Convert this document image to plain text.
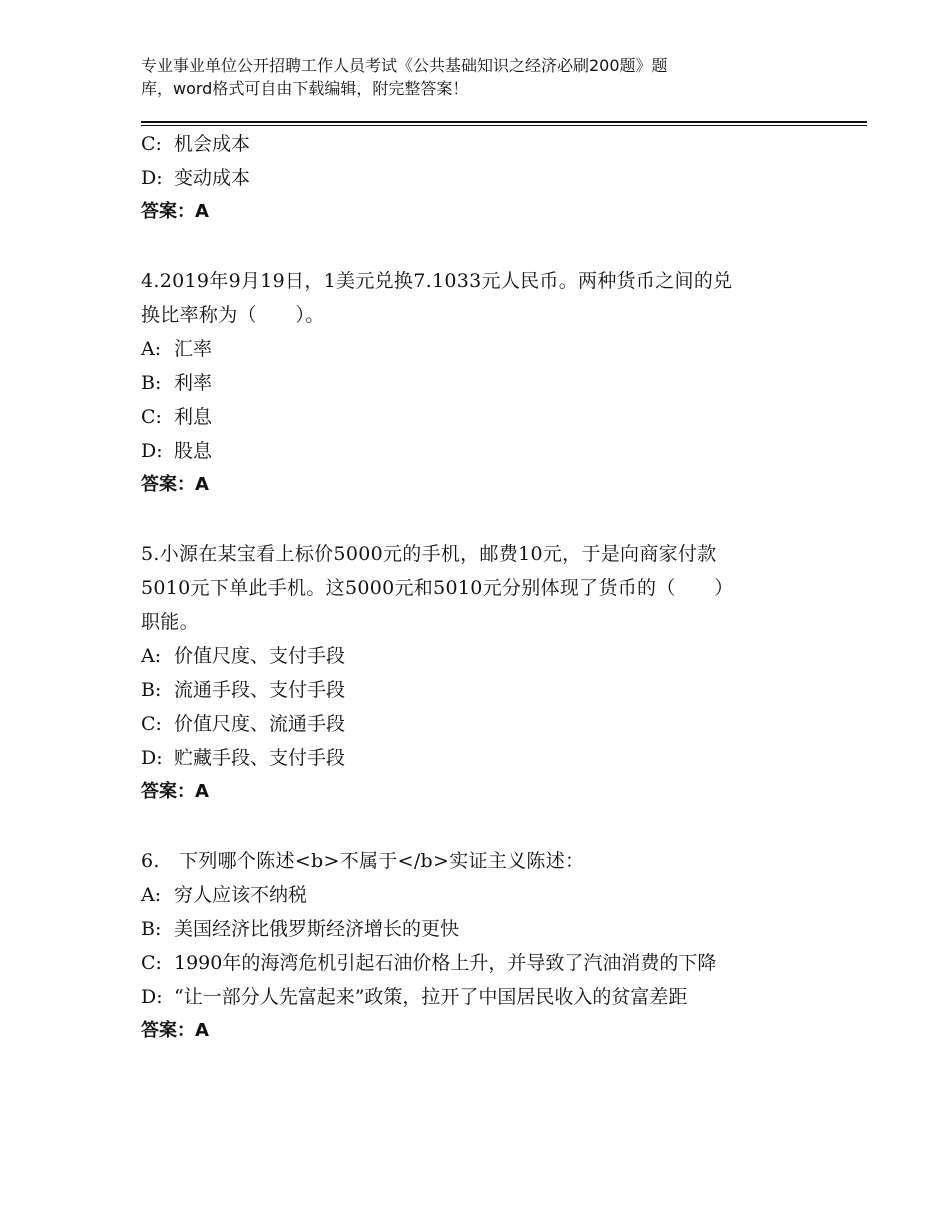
专业事业单位公开招聘工作人员考试《公共基础知识之经济必刷200题》题
库，word格式可自由下载编辑，附完整答案！
C: 机会成本
D: 变动成本
答案：A
4.2019年9月19日，1美元兑换7.1033元人民币。两种货币之间的兑
换比率称为（　　）。
A: 汇率
B: 利率
C: 利息
D: 股息
答案：A
5.小源在某宝看上标价5000元的手机，邮费10元，于是向商家付款
5010元下单此手机。这5000元和5010元分别体现了货币的（　　）
职能。
A: 价值尺度、支付手段
B: 流通手段、支付手段
C: 价值尺度、流通手段
D: 贮藏手段、支付手段
答案：A
6.　下列哪个陈述<b>不属于</b>实证主义陈述：
A: 穷人应该不纳税
B: 美国经济比俄罗斯经济增长的更快
C: 1990年的海湾危机引起石油价格上升，并导致了汽油消费的下降
D: “让一部分人先富起来”政策，拉开了中国居民收入的贫富差距
答案：A
